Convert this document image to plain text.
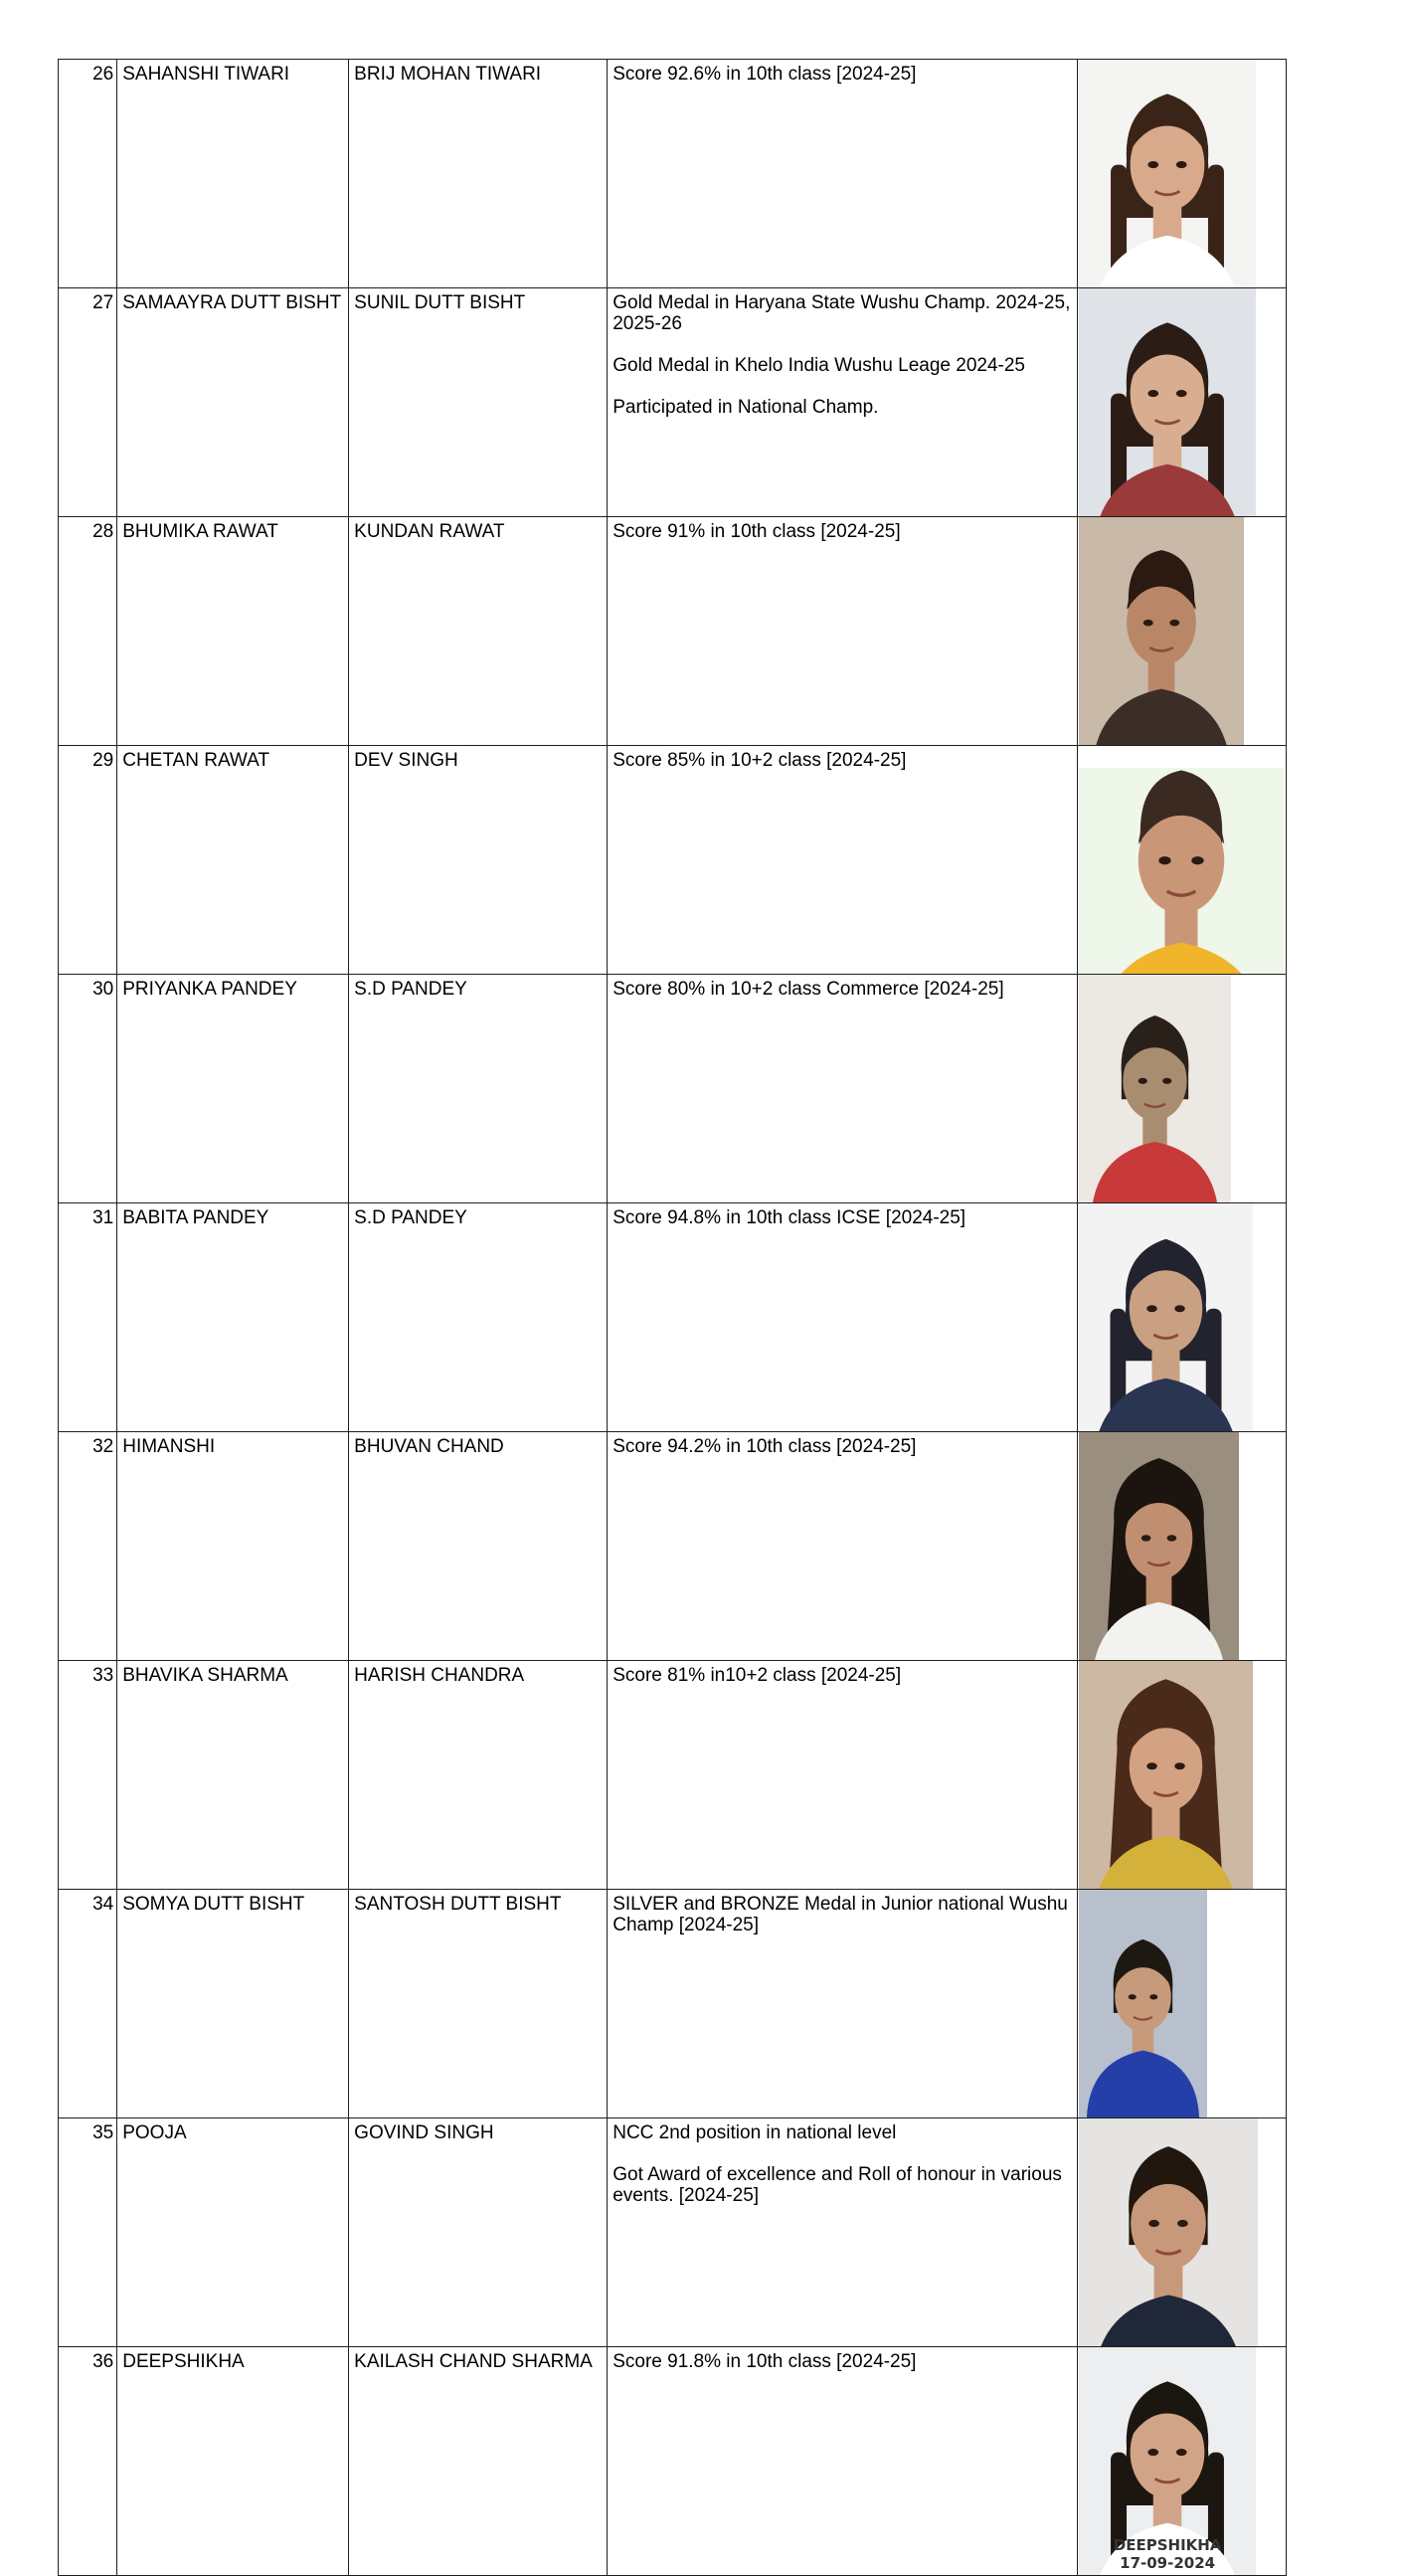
26	SAHANSHI TIWARI	BRIJ MOHAN TIWARI	Score 92.6% in 10th class [2024-25]

27	SAMAAYRA DUTT BISHT	SUNIL DUTT BISHT	Gold Medal in Haryana State Wushu Champ. 2024-25, 2025-26
Gold Medal in Khelo India Wushu Leage 2024-25
Participated in National Champ.

28	BHUMIKA RAWAT	KUNDAN RAWAT	Score 91% in 10th class [2024-25]

29	CHETAN RAWAT	DEV SINGH	Score 85% in 10+2 class [2024-25]

30	PRIYANKA PANDEY	S.D PANDEY	Score 80% in 10+2 class Commerce [2024-25]

31	BABITA PANDEY	S.D PANDEY	Score 94.8% in 10th class ICSE [2024-25]

32	HIMANSHI	BHUVAN CHAND	Score 94.2% in 10th class [2024-25]

33	BHAVIKA SHARMA	HARISH CHANDRA	Score 81% in10+2 class [2024-25]

34	SOMYA DUTT BISHT	SANTOSH DUTT BISHT	SILVER and BRONZE Medal in Junior national Wushu Champ [2024-25]

35	POOJA	GOVIND SINGH	NCC 2nd position in national level
Got Award of excellence and Roll of honour in various events. [2024-25]

36	DEEPSHIKHA	KAILASH CHAND SHARMA	Score 91.8% in 10th class [2024-25]	DEEPSHIKHA
17-09-2024
